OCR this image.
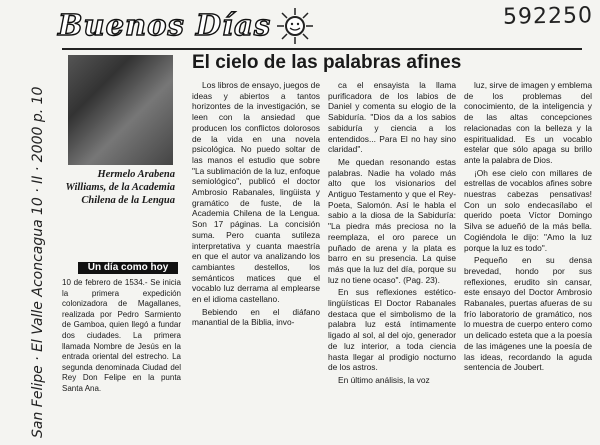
592250
Buenos Días
Hermelo Arabena
Williams, de la Academia
Chilena de la Lengua
10 · II · 2000 p. 10
San Felipe · El Valle Aconcagua	Un día como hoy
10 de febrero de 1534.- Se inicia la primera expedición colonizadora de Magallanes, realizada por Pedro Sarmiento de Gamboa, quien llegó a fundar dos ciudades. La primera llamada Nombre de Jesús en la entrada oriental del estrecho. La segunda denominada Ciudad del Rey Don Felipe en la punta Santa Ana.
El cielo de las palabras afines

Los libros de ensayo, juegos de ideas y abiertos a tantos horizontes de la investigación, se leen con la ansiedad que producen los conflictos dolorosos de la vida en una novela psicológica. No puedo soltar de las manos el estudio que sobre "La sublimación de la luz, enfoque semiológico", publicó el doctor Ambrosio Rabanales, lingüista y gramático de fuste, de la Academia Chilena de la Lengua. Son 17 páginas. La concisión suma. Pero cuanta sutileza interpretativa y cuanta maestría en que el autor va analizando los cambiantes destellos, los semánticos matices que el vocablo luz derrama al emplearse en el idioma castellano.

Bebiendo en el diáfano manantial de la Biblia, invo-

ca el ensayista la llama purificadora de los labios de Daniel y comenta su elogio de la Sabiduría. "Dios da a los sabios sabiduría y ciencia a los entendidos... Para El no hay sino claridad".

Me quedan resonando estas palabras. Nadie ha volado más alto que los visionarios del Antiguo Testamento y que el Rey-Poeta, Salomón. Así le habla el sabio a la diosa de la Sabiduría: "La piedra más preciosa no la reemplaza, el oro parece un puñado de arena y la plata es barro en su presencia. La quise más que la luz del día, porque su luz no tiene ocaso". (Pag. 23).

En sus reflexiones estético-lingüísticas El Doctor Rabanales destaca que el simbolismo de la palabra luz está íntimamente ligado al sol, al del ojo, generador de luz interior, a toda ciencia hasta llegar al prodigio nocturno de los astros.

En último análisis, la voz

luz, sirve de imagen y emblema de los problemas del conocimiento, de la inteligencia y de las altas concepciones relacionadas con la belleza y la espiritualidad. Es un vocablo estelar que sólo apaga su brillo ante la palabra de Dios.

¡Oh ese cielo con millares de estrellas de vocablos afines sobre nuestras cabezas pensativas! Con un solo endecasílabo el querido poeta Víctor Domingo Silva se adueñó de la más bella. Cogiéndola le dijo: "Amo la luz porque la luz es todo".

Pequeño en su densa brevedad, hondo por sus reflexiones, erudito sin cansar, este ensayo del Doctor Ambrosio Rabanales, puertas afueras de su frío laboratorio de gramático, nos lo muestra de cuerpo entero como un delicado esteta que a la poesía de las imágenes une la poesía de las ideas, recordando la aguda sentencia de Joubert.
